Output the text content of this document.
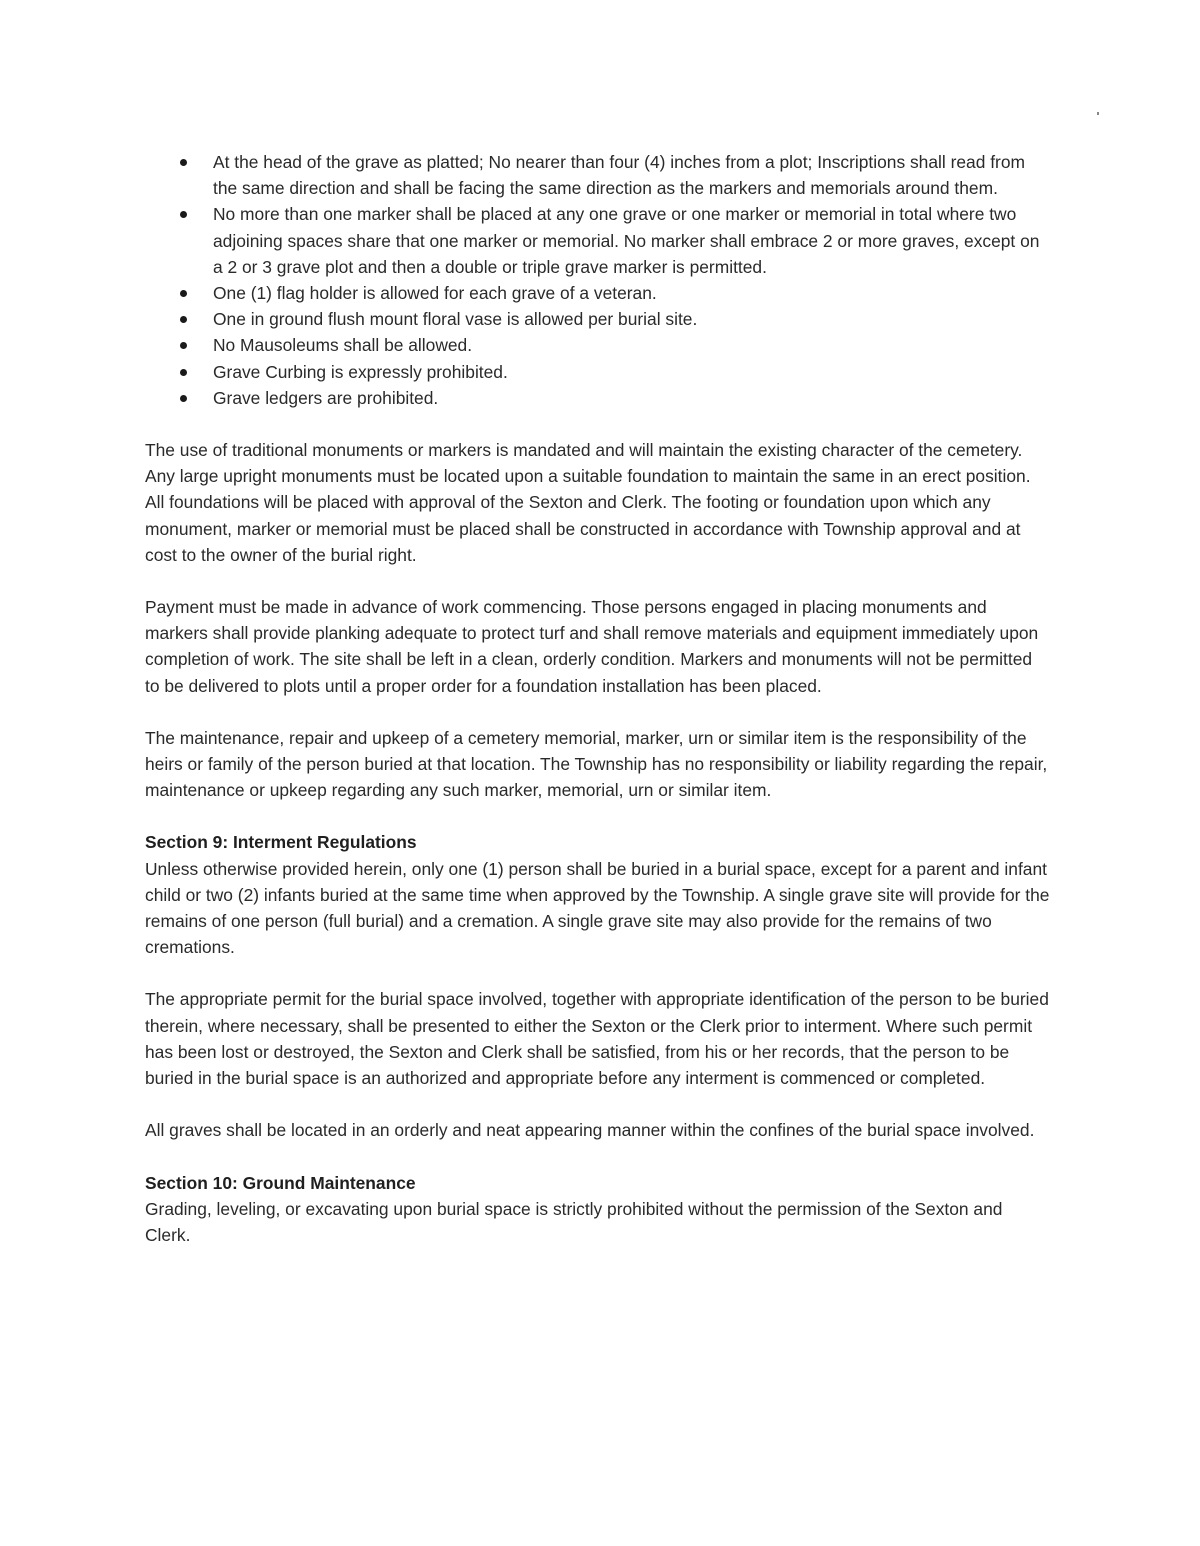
At the head of the grave as platted; No nearer than four (4) inches from a plot; Inscriptions shall read from the same direction and shall be facing the same direction as the markers and memorials around them.
No more than one marker shall be placed at any one grave or one marker or memorial in total where two adjoining spaces share that one marker or memorial. No marker shall embrace 2 or more graves, except on a 2 or 3 grave plot and then a double or triple grave marker is permitted.
One (1) flag holder is allowed for each grave of a veteran.
One in ground flush mount floral vase is allowed per burial site.
No Mausoleums shall be allowed.
Grave Curbing is expressly prohibited.
Grave ledgers are prohibited.

The use of traditional monuments or markers is mandated and will maintain the existing character of the cemetery. Any large upright monuments must be located upon a suitable foundation to maintain the same in an erect position. All foundations will be placed with approval of the Sexton and Clerk. The footing or foundation upon which any monument, marker or memorial must be placed shall be constructed in accordance with Township approval and at cost to the owner of the burial right.

Payment must be made in advance of work commencing. Those persons engaged in placing monuments and markers shall provide planking adequate to protect turf and shall remove materials and equipment immediately upon completion of work. The site shall be left in a clean, orderly condition. Markers and monuments will not be permitted to be delivered to plots until a proper order for a foundation installation has been placed.

The maintenance, repair and upkeep of a cemetery memorial, marker, urn or similar item is the responsibility of the heirs or family of the person buried at that location. The Township has no responsibility or liability regarding the repair, maintenance or upkeep regarding any such marker, memorial, urn or similar item.

Section 9: Interment Regulations

Unless otherwise provided herein, only one (1) person shall be buried in a burial space, except for a parent and infant child or two (2) infants buried at the same time when approved by the Township. A single grave site will provide for the remains of one person (full burial) and a cremation. A single grave site may also provide for the remains of two cremations.

The appropriate permit for the burial space involved, together with appropriate identification of the person to be buried therein, where necessary, shall be presented to either the Sexton or the Clerk prior to interment. Where such permit has been lost or destroyed, the Sexton and Clerk shall be satisfied, from his or her records, that the person to be buried in the burial space is an authorized and appropriate before any interment is commenced or completed.

All graves shall be located in an orderly and neat appearing manner within the confines of the burial space involved.

Section 10: Ground Maintenance

Grading, leveling, or excavating upon burial space is strictly prohibited without the permission of the Sexton and Clerk.
